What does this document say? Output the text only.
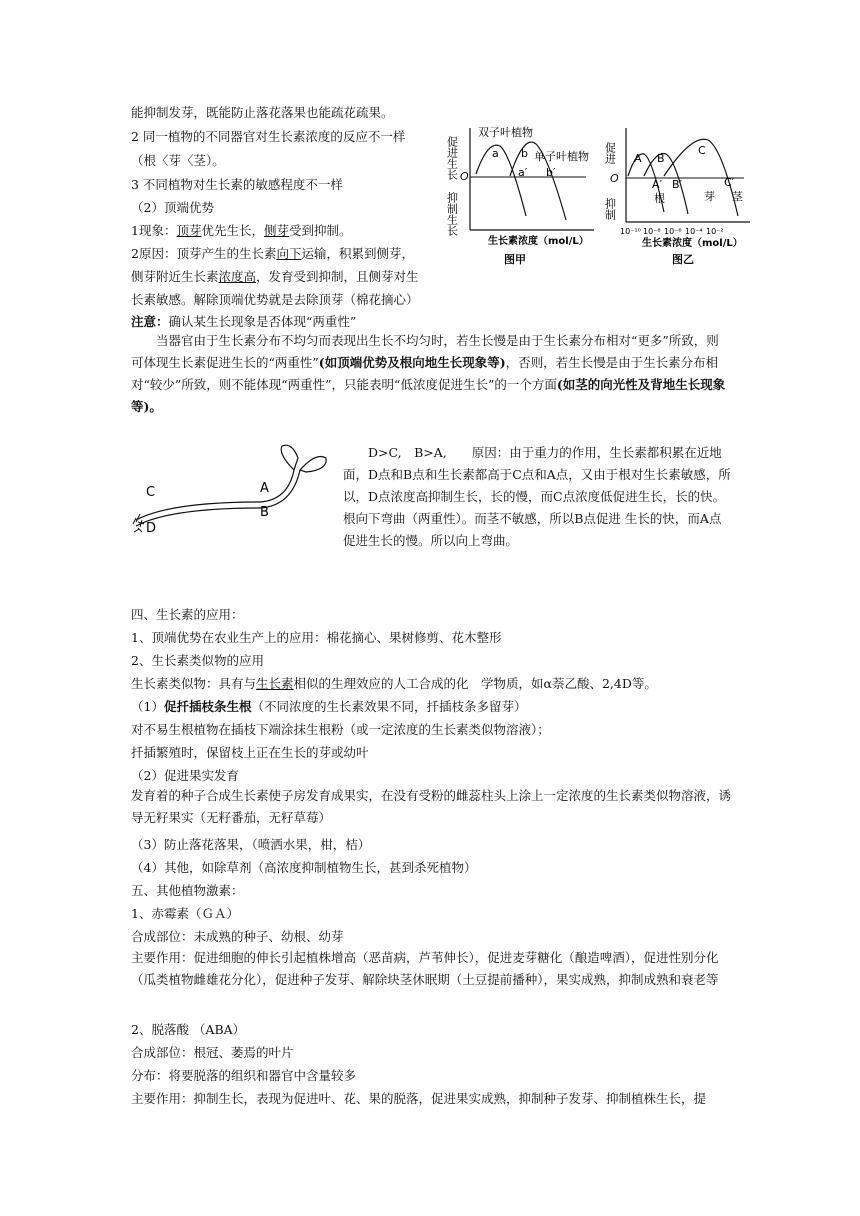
能抑制发芽，既能防止落花落果也能疏花疏果。
2 同一植物的不同器官对生长素浓度的反应不一样
（根〈芽〈茎）。
3 不同植物对生长素的敏感程度不一样
（2）顶端优势
1现象：顶芽优先生长，侧芽受到抑制。
2原因：顶芽产生的生长素向下运输，积累到侧芽，
侧芽附近生长素浓度高，发育受到抑制，且侧芽对生
长素敏感。解除顶端优势就是去除顶芽（棉花摘心）
注意：确认某生长现象是否体现“两重性”
促进生长 O
抑制生长
双子叶植物
单子叶植物
a b
a′ b′
生长素浓度（mol/L）
图甲
促进
O
抑制
A B
C
A′ B′	C′
根	芽 茎
10⁻¹⁰ 10⁻⁸ 10⁻⁶ 10⁻⁴ 10⁻²
生长素浓度（mol/L）
图乙
当器官由于生长素分布不均匀而表现出生长不均匀时，若生长慢是由于生长素分布相对“更多”所致，则可体现生长素促进生长的“两重性”(如顶端优势及根向地生长现象等)，否则，若生长慢是由于生长素分布相对“较少”所致，则不能体现“两重性”，只能表明“低浓度促进生长”的一个方面(如茎的向光性及背地生长现象等)。
C
D
A
B
D>C,　B>A,　　原因：由于重力的作用，生长素都积累在近地面，D点和B点和生长素都高于C点和A点，又由于根对生长素敏感，所以，D点浓度高抑制生长，长的慢，而C点浓度低促进生长，长的快。根向下弯曲（两重性）。而茎不敏感，所以B点促进 生长的快，而A点促进生长的慢。所以向上弯曲。
四、生长素的应用：
1、顶端优势在农业生产上的应用：棉花摘心、果树修剪、花木整形
2、生长素类似物的应用
生长素类似物：具有与生长素相似的生理效应的人工合成的化　学物质，如α萘乙酸、2,4D等。
（1）促扦插枝条生根（不同浓度的生长素效果不同，扦插枝条多留芽）
对不易生根植物在插枝下端涂抹生根粉（或一定浓度的生长素类似物溶液）；
扦插繁殖时，保留枝上正在生长的芽或幼叶
（2）促进果实发育
发育着的种子合成生长素使子房发育成果实，在没有受粉的雌蕊柱头上涂上一定浓度的生长素类似物溶液，诱导无籽果实（无籽番茄，无籽草莓）
（3）防止落花落果，（喷洒水果，柑，桔）
（4）其他，如除草剂（高浓度抑制植物生长，甚到杀死植物）
五、其他植物激素：
1、赤霉素（ＧＡ）
合成部位：未成熟的种子、幼根、幼芽
主要作用：促进细胞的伸长引起植株增高（恶苗病，芦苇伸长），促进麦芽糖化（酿造啤酒），促进性别分化（瓜类植物雌雄花分化），促进种子发芽、解除块茎休眠期（土豆提前播种），果实成熟，抑制成熟和衰老等
2、脱落酸 （ABA）
合成部位：根冠、萎焉的叶片
分布：将要脱落的组织和器官中含量较多
主要作用：抑制生长，表现为促进叶、花、果的脱落，促进果实成熟，抑制种子发芽、抑制植株生长，提
